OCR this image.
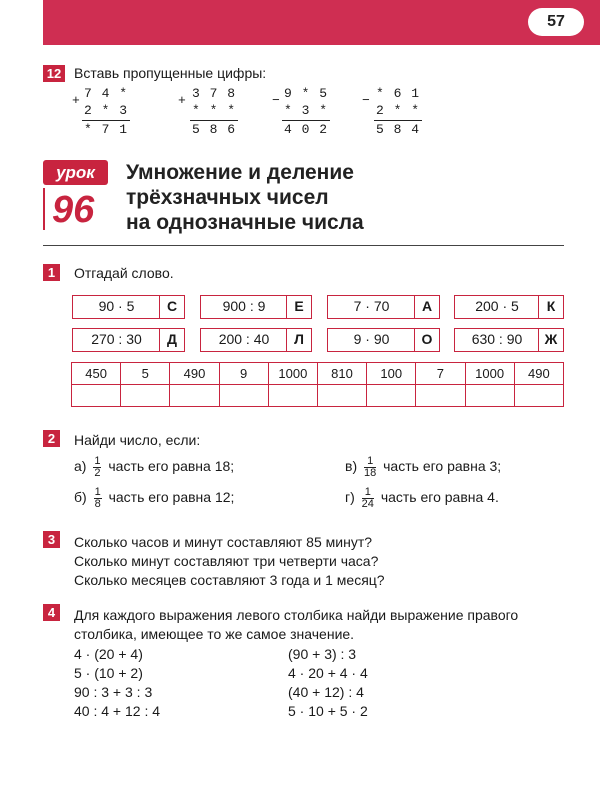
57
12 Вставь пропущенные цифры:
+ 7 4 *
2 * 3
* 7 1
+ 3 7 8
* * *
5 8 6
− 9 * 5
* 3 *
4 0 2
− * 6 1
2 * *
5 8 4
урок
96
Умножение и деление
трёхзначных чисел
на однозначные числа
1	Отгадай слово.
90 · 5	С	900 : 9	Е	7 · 70	А	200 · 5	К
270 : 30	Д	200 : 40	Л	9 · 90	О	630 : 90	Ж
450	5	490	9	1000	810	100	7	1000	490

2	Найди число, если:
$а) \frac{1}{2}$ часть его равна 18;
$б) \frac{1}{8}$ часть его равна 12;
$в) \frac{1}{18}$ часть его равна 3;
$г) \frac{1}{24}$ часть его равна 4.
3	Сколько часов и минут составляют 85 минут?
Сколько минут составляют три четверти часа?
Сколько месяцев составляют 3 года и 1 месяц?
4	Для каждого выражения левого столбика найди выражение правого
столбика, имеющее то же самое значение.
4 · (20 + 4)
5 · (10 + 2)
90 : 3 + 3 : 3
40 : 4 + 12 : 4
(90 + 3) : 3
4 · 20 + 4 · 4
(40 + 12) : 4
5 · 10 + 5 · 2
